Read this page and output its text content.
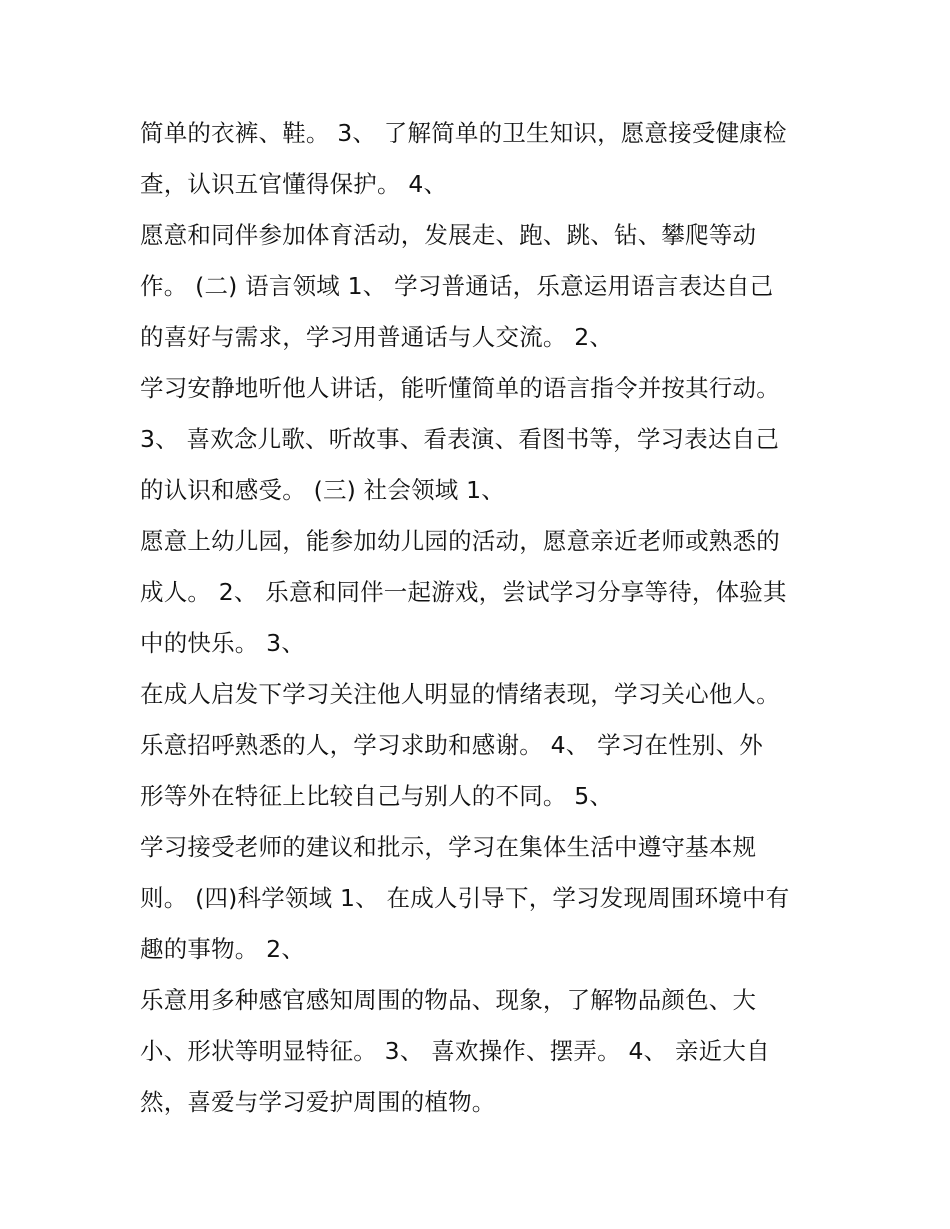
简单的衣裤、鞋。 3、 了解简单的卫生知识，愿意接受健康检
查，认识五官懂得保护。 4、
愿意和同伴参加体育活动，发展走、跑、跳、钻、攀爬等动
作。 (二) 语言领域 1、 学习普通话，乐意运用语言表达自己
的喜好与需求，学习用普通话与人交流。 2、
学习安静地听他人讲话，能听懂简单的语言指令并按其行动。
3、 喜欢念儿歌、听故事、看表演、看图书等，学习表达自己
的认识和感受。 (三) 社会领域 1、
愿意上幼儿园，能参加幼儿园的活动，愿意亲近老师或熟悉的
成人。 2、 乐意和同伴一起游戏，尝试学习分享等待，体验其
中的快乐。 3、
在成人启发下学习关注他人明显的情绪表现，学习关心他人。
乐意招呼熟悉的人，学习求助和感谢。 4、 学习在性别、外
形等外在特征上比较自己与别人的不同。 5、
学习接受老师的建议和批示，学习在集体生活中遵守基本规
则。 (四)科学领域 1、 在成人引导下，学习发现周围环境中有
趣的事物。 2、
乐意用多种感官感知周围的物品、现象，了解物品颜色、大
小、形状等明显特征。 3、 喜欢操作、摆弄。 4、 亲近大自
然，喜爱与学习爱护周围的植物。
